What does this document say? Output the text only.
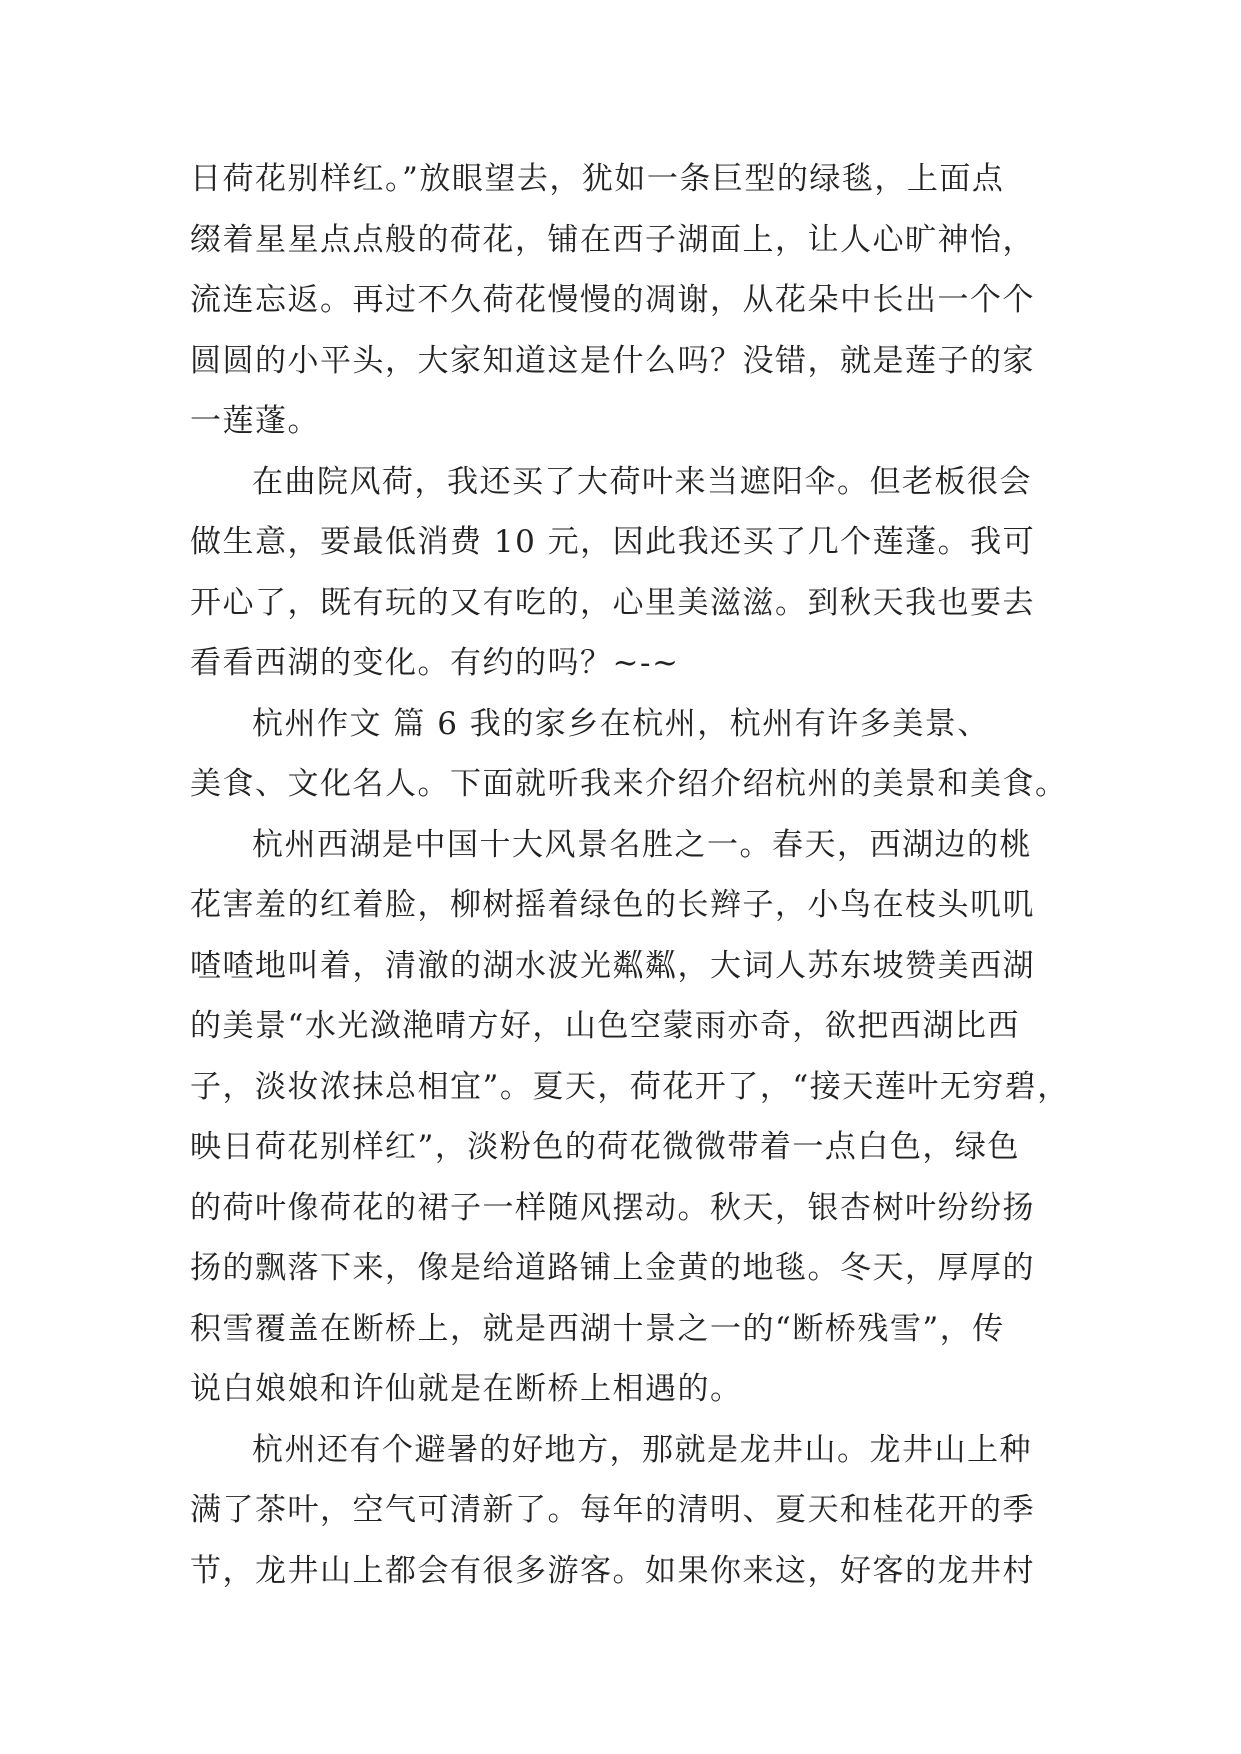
日荷花别样红。”放眼望去，犹如一条巨型的绿毯，上面点
缀着星星点点般的荷花，铺在西子湖面上，让人心旷神怡，
流连忘返。再过不久荷花慢慢的凋谢，从花朵中长出一个个
圆圆的小平头，大家知道这是什么吗？没错，就是莲子的家
一莲蓬。
在曲院风荷，我还买了大荷叶来当遮阳伞。但老板很会
做生意，要最低消费 10 元，因此我还买了几个莲蓬。我可
开心了，既有玩的又有吃的，心里美滋滋。到秋天我也要去
看看西湖的变化。有约的吗？~-~
杭州作文 篇 6 我的家乡在杭州，杭州有许多美景、
美食、文化名人。下面就听我来介绍介绍杭州的美景和美食。
杭州西湖是中国十大风景名胜之一。春天，西湖边的桃
花害羞的红着脸，柳树摇着绿色的长辫子，小鸟在枝头叽叽
喳喳地叫着，清澈的湖水波光粼粼，大词人苏东坡赞美西湖
的美景“水光潋滟晴方好，山色空蒙雨亦奇，欲把西湖比西
子，淡妆浓抹总相宜”。夏天，荷花开了，“接天莲叶无穷碧，
映日荷花别样红”，淡粉色的荷花微微带着一点白色，绿色
的荷叶像荷花的裙子一样随风摆动。秋天，银杏树叶纷纷扬
扬的飘落下来，像是给道路铺上金黄的地毯。冬天，厚厚的
积雪覆盖在断桥上，就是西湖十景之一的“断桥残雪”，传
说白娘娘和许仙就是在断桥上相遇的。
杭州还有个避暑的好地方，那就是龙井山。龙井山上种
满了茶叶，空气可清新了。每年的清明、夏天和桂花开的季
节，龙井山上都会有很多游客。如果你来这，好客的龙井村
